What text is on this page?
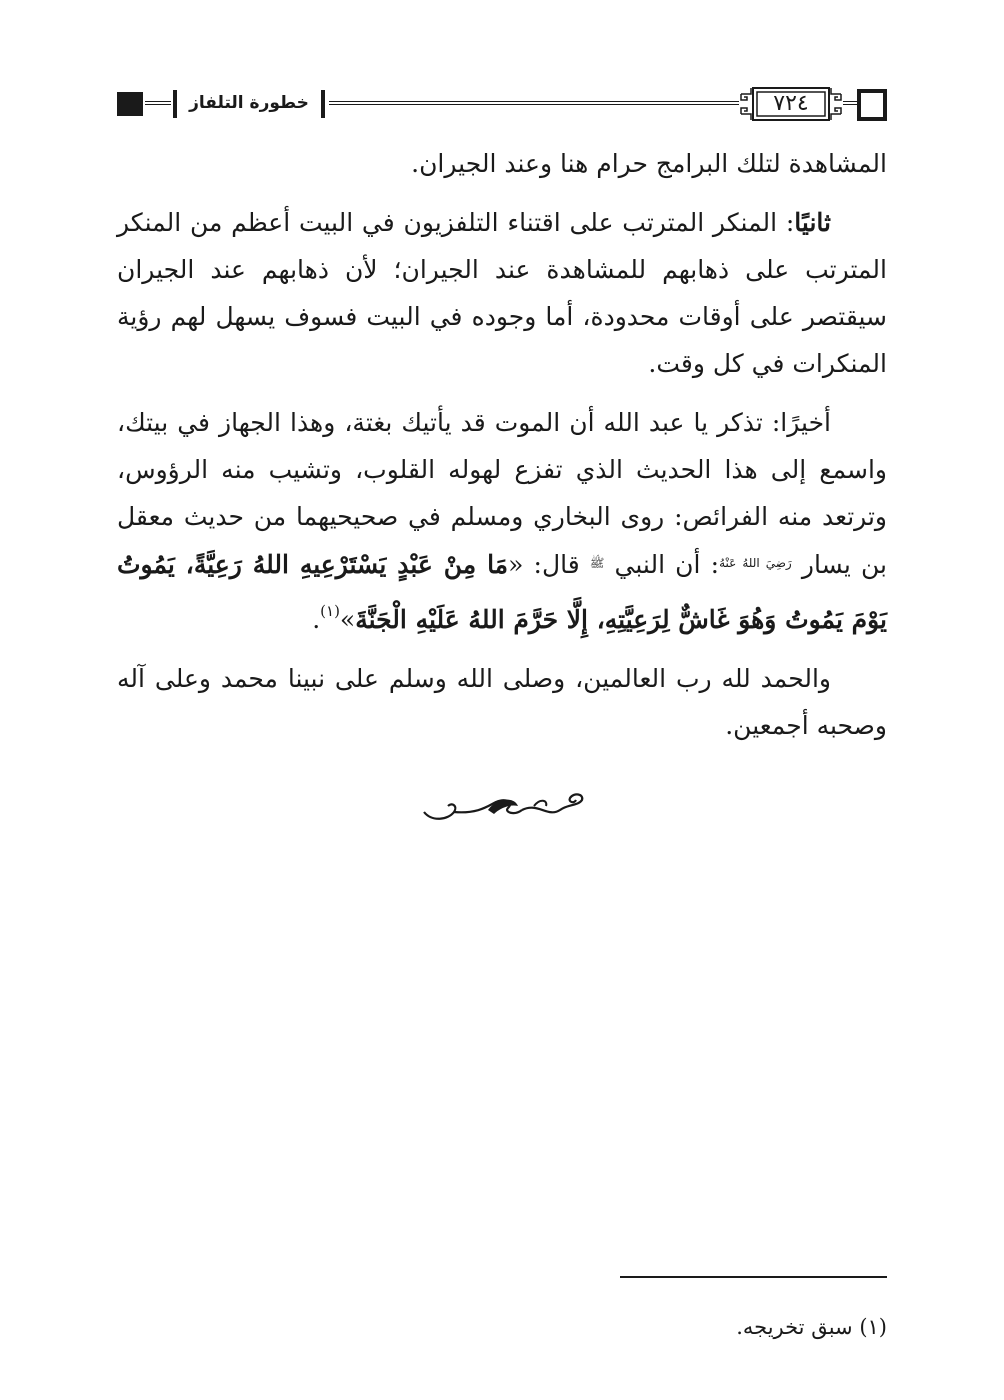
خطورة التلفاز	٧٢٤

المشاهدة لتلك البرامج حرام هنا وعند الجيران.

ثانيًا: المنكر المترتب على اقتناء التلفزيون في البيت أعظم من المنكر المترتب على ذهابهم للمشاهدة عند الجيران؛ لأن ذهابهم عند الجيران سيقتصر على أوقات محدودة، أما وجوده في البيت فسوف يسهل لهم رؤية المنكرات في كل وقت.

أخيرًا: تذكر يا عبد الله أن الموت قد يأتيك بغتة، وهذا الجهاز في بيتك، واسمع إلى هذا الحديث الذي تفزع لهوله القلوب، وتشيب منه الرؤوس، وترتعد منه الفرائص: روى البخاري ومسلم في صحيحيهما من حديث معقل بن يسار $^{رَضِيَ اللهُ عَنْهُ}$: أن النبي $^ﷺ$ قال: «مَا مِنْ عَبْدٍ يَسْتَرْعِيهِ اللهُ رَعِيَّةً، يَمُوتُ يَوْمَ يَمُوتُ وَهُوَ غَاشٌّ لِرَعِيَّتِهِ، إِلَّا حَرَّمَ اللهُ عَلَيْهِ الْجَنَّةَ»$^{(١)}$.

والحمد لله رب العالمين، وصلى الله وسلم على نبينا محمد وعلى آله وصحبه أجمعين.

(١) سبق تخريجه.
